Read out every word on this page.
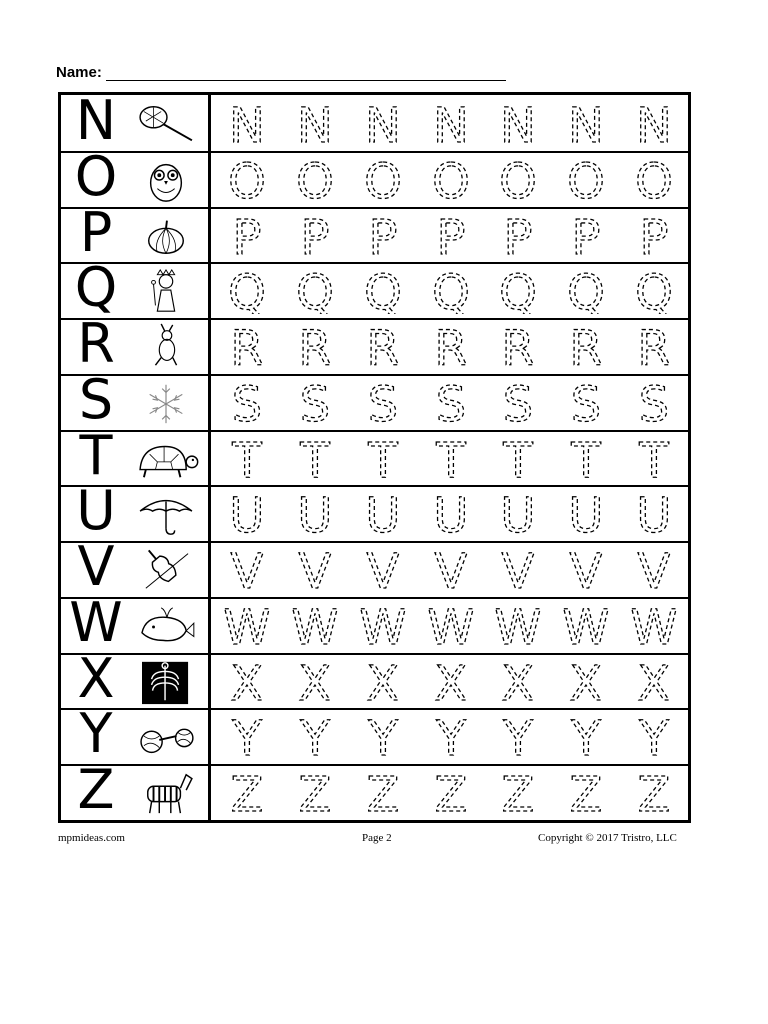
Name:
N N N N N N N N
O O O O O O O O
P	P P P P P P P
Q Q Q Q Q Q Q Q
R R R R R R R R
S S S S S S S S
T	T T T T T T T
U U U U U U U U
V V V V V V V V
W W W W W W W W
X X X X X X X X
Y	Y Y Y Y Y Y Y
Z Z Z Z Z Z Z Z
mpmideas.com	Page 2	Copyright © 2017 Tristro, LLC
